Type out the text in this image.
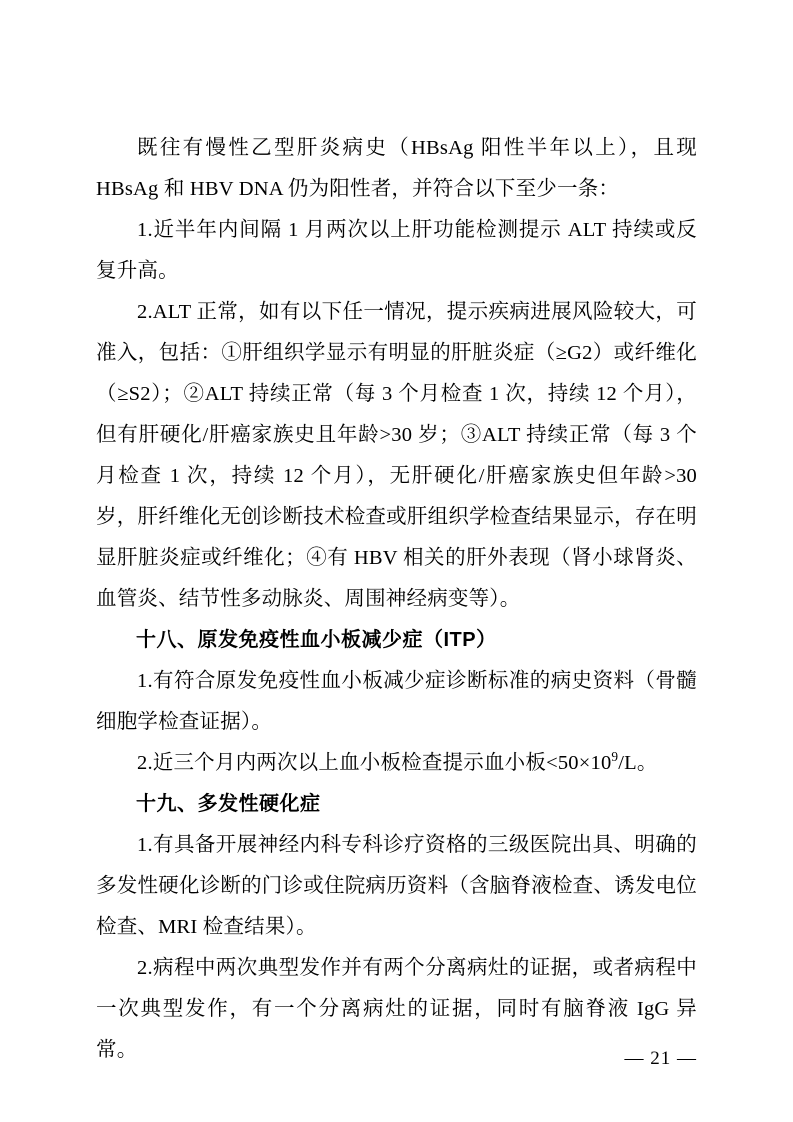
既往有慢性乙型肝炎病史（HBsAg 阳性半年以上），且现 HBsAg 和 HBV DNA 仍为阳性者，并符合以下至少一条：

1.近半年内间隔 1 月两次以上肝功能检测提示 ALT 持续或反复升高。

2.ALT 正常，如有以下任一情况，提示疾病进展风险较大，可准入，包括：①肝组织学显示有明显的肝脏炎症（≥G2）或纤维化（≥S2）；②ALT 持续正常（每 3 个月检查 1 次，持续 12 个月），但有肝硬化/肝癌家族史且年龄>30 岁；③ALT 持续正常（每 3 个月检查 1 次，持续 12 个月），无肝硬化/肝癌家族史但年龄>30 岁，肝纤维化无创诊断技术检查或肝组织学检查结果显示，存在明显肝脏炎症或纤维化；④有 HBV 相关的肝外表现（肾小球肾炎、血管炎、结节性多动脉炎、周围神经病变等）。

十八、原发免疫性血小板减少症（ITP）

1.有符合原发免疫性血小板减少症诊断标准的病史资料（骨髓细胞学检查证据）。

2.近三个月内两次以上血小板检查提示血小板$<50\times 10^9/L$。

十九、多发性硬化症

1.有具备开展神经内科专科诊疗资格的三级医院出具、明确的多发性硬化诊断的门诊或住院病历资料（含脑脊液检查、诱发电位检查、MRI 检查结果）。

2.病程中两次典型发作并有两个分离病灶的证据，或者病程中一次典型发作，有一个分离病灶的证据，同时有脑脊液 IgG 异常。	— 21 —
